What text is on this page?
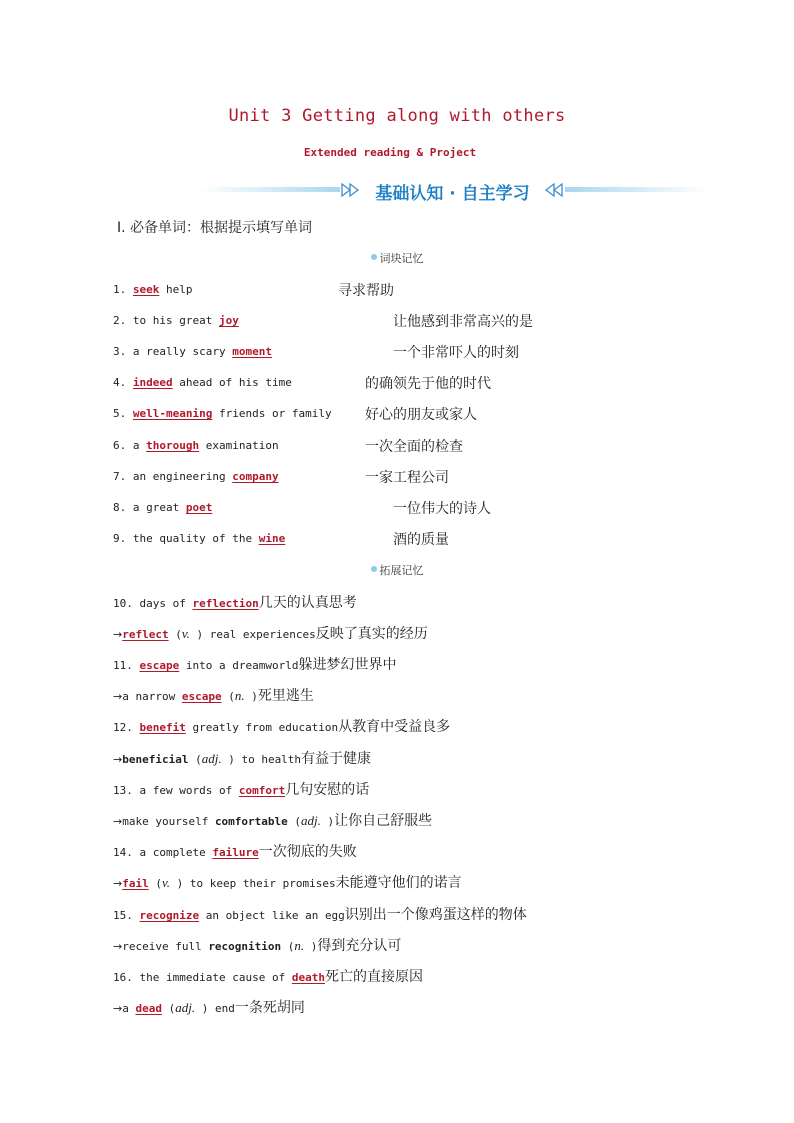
Unit 3 Getting along with others
Extended reading & Project
基础认知 · 自主学习
Ⅰ. 必备单词：根据提示填写单词
词块记忆
1. seek help	寻求帮助
2. to his great joy	让他感到非常高兴的是
3. a really scary moment	一个非常吓人的时刻
4. indeed ahead of his time	的确领先于他的时代
5. well-meaning friends or family 好心的朋友或家人
6. a thorough examination	一次全面的检查
7. an engineering company	一家工程公司
8. a great poet	一位伟大的诗人
9. the quality of the wine	酒的质量
拓展记忆
10. days of reflection几天的认真思考
→reflect (v. ) real experiences反映了真实的经历
11. escape into a dreamworld躲进梦幻世界中
→a narrow escape (n. )死里逃生
12. benefit greatly from education从教育中受益良多
→beneficial (adj. ) to health有益于健康
13. a few words of comfort几句安慰的话
→make yourself comfortable (adj. )让你自己舒服些
14. a complete failure一次彻底的失败
→fail (v. ) to keep their promises未能遵守他们的诺言
15. recognize an object like an egg识别出一个像鸡蛋这样的物体
→receive full recognition (n. )得到充分认可
16. the immediate cause of death死亡的直接原因
→a dead (adj. ) end一条死胡同
